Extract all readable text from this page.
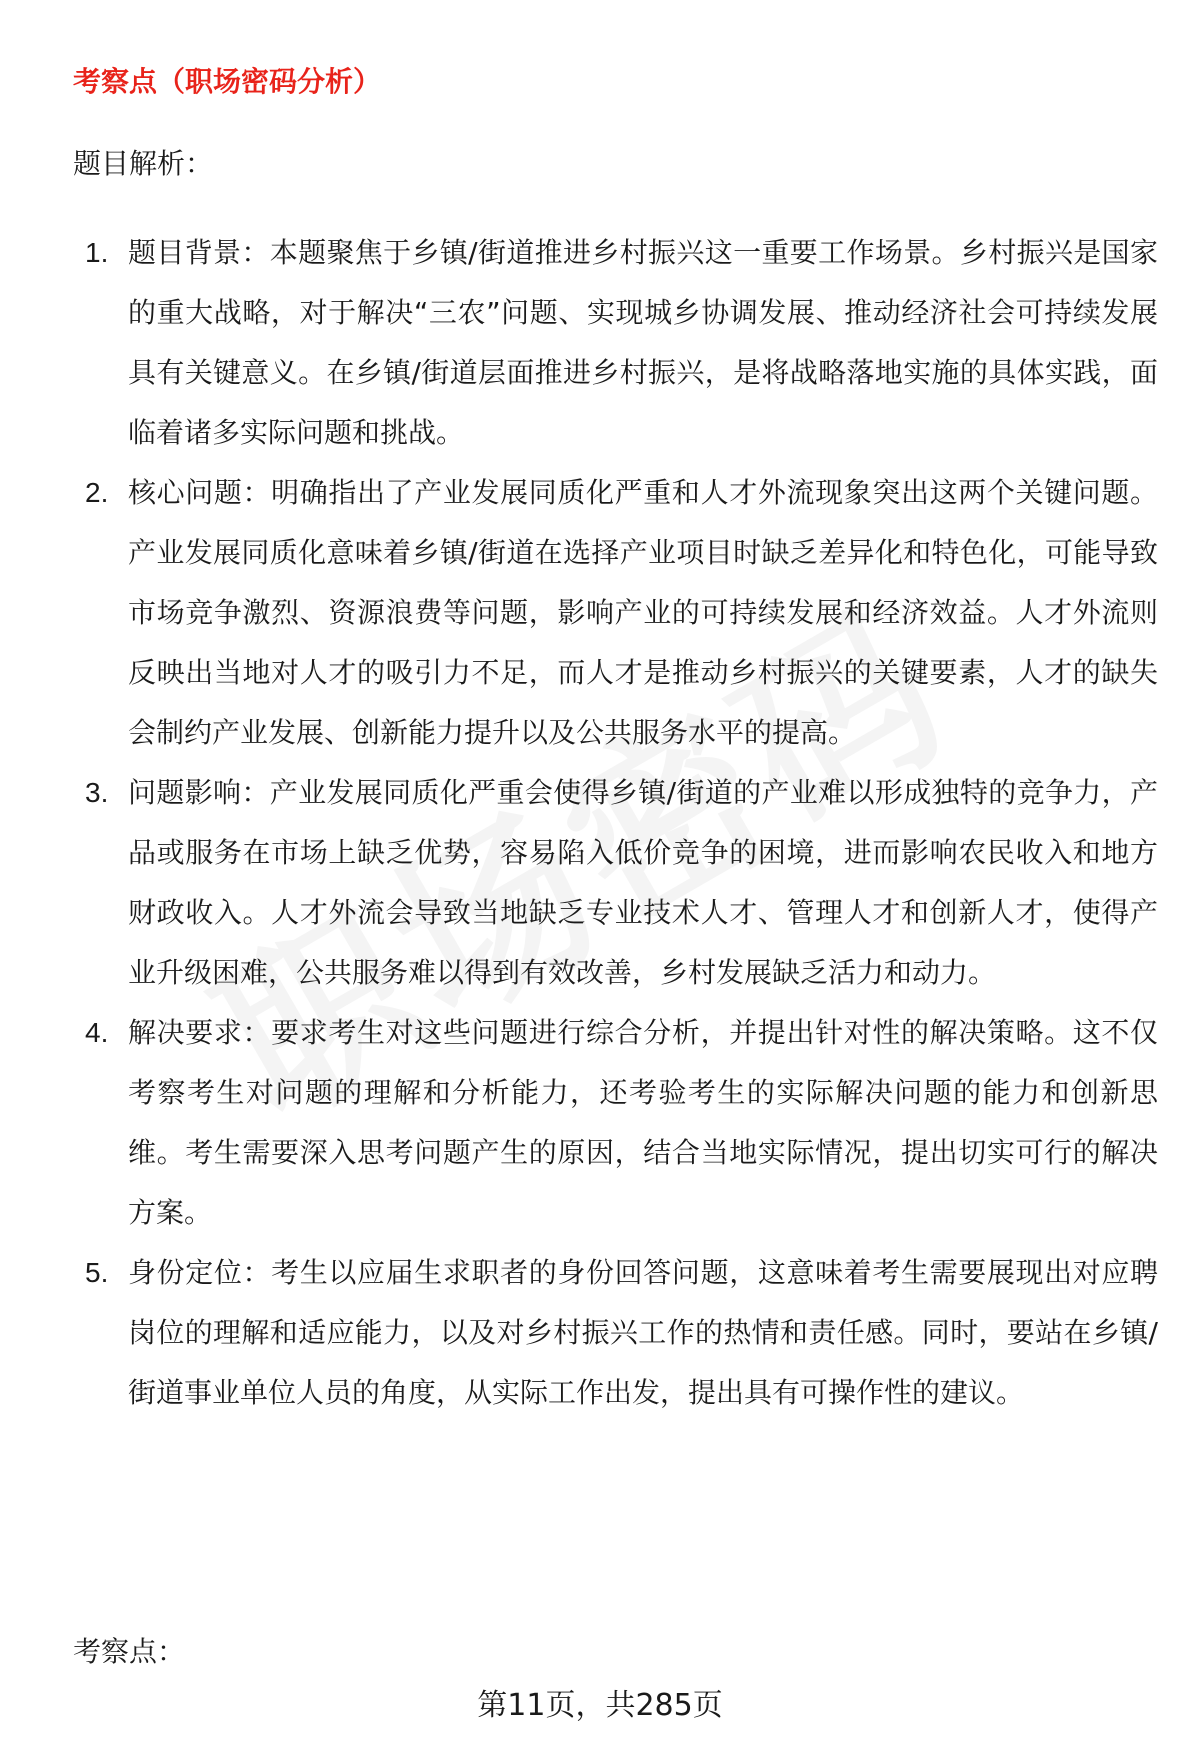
考察点（职场密码分析）
题目解析：
1. 题目背景：本题聚焦于乡镇/街道推进乡村振兴这一重要工作场景。乡村振兴是国家的重大战略，对于解决“三农”问题、实现城乡协调发展、推动经济社会可持续发展具有关键意义。在乡镇/街道层面推进乡村振兴，是将战略落地实施的具体实践，面临着诸多实际问题和挑战。
2. 核心问题：明确指出了产业发展同质化严重和人才外流现象突出这两个关键问题。产业发展同质化意味着乡镇/街道在选择产业项目时缺乏差异化和特色化，可能导致市场竞争激烈、资源浪费等问题，影响产业的可持续发展和经济效益。人才外流则反映出当地对人才的吸引力不足，而人才是推动乡村振兴的关键要素，人才的缺失会制约产业发展、创新能力提升以及公共服务水平的提高。
3. 问题影响：产业发展同质化严重会使得乡镇/街道的产业难以形成独特的竞争力，产品或服务在市场上缺乏优势，容易陷入低价竞争的困境，进而影响农民收入和地方财政收入。人才外流会导致当地缺乏专业技术人才、管理人才和创新人才，使得产业升级困难，公共服务难以得到有效改善，乡村发展缺乏活力和动力。
4. 解决要求：要求考生对这些问题进行综合分析，并提出针对性的解决策略。这不仅考察考生对问题的理解和分析能力，还考验考生的实际解决问题的能力和创新思维。考生需要深入思考问题产生的原因，结合当地实际情况，提出切实可行的解决方案。
5. 身份定位：考生以应届生求职者的身份回答问题，这意味着考生需要展现出对应聘岗位的理解和适应能力，以及对乡村振兴工作的热情和责任感。同时，要站在乡镇/街道事业单位人员的角度，从实际工作出发，提出具有可操作性的建议。
考察点：
第11页，共285页
